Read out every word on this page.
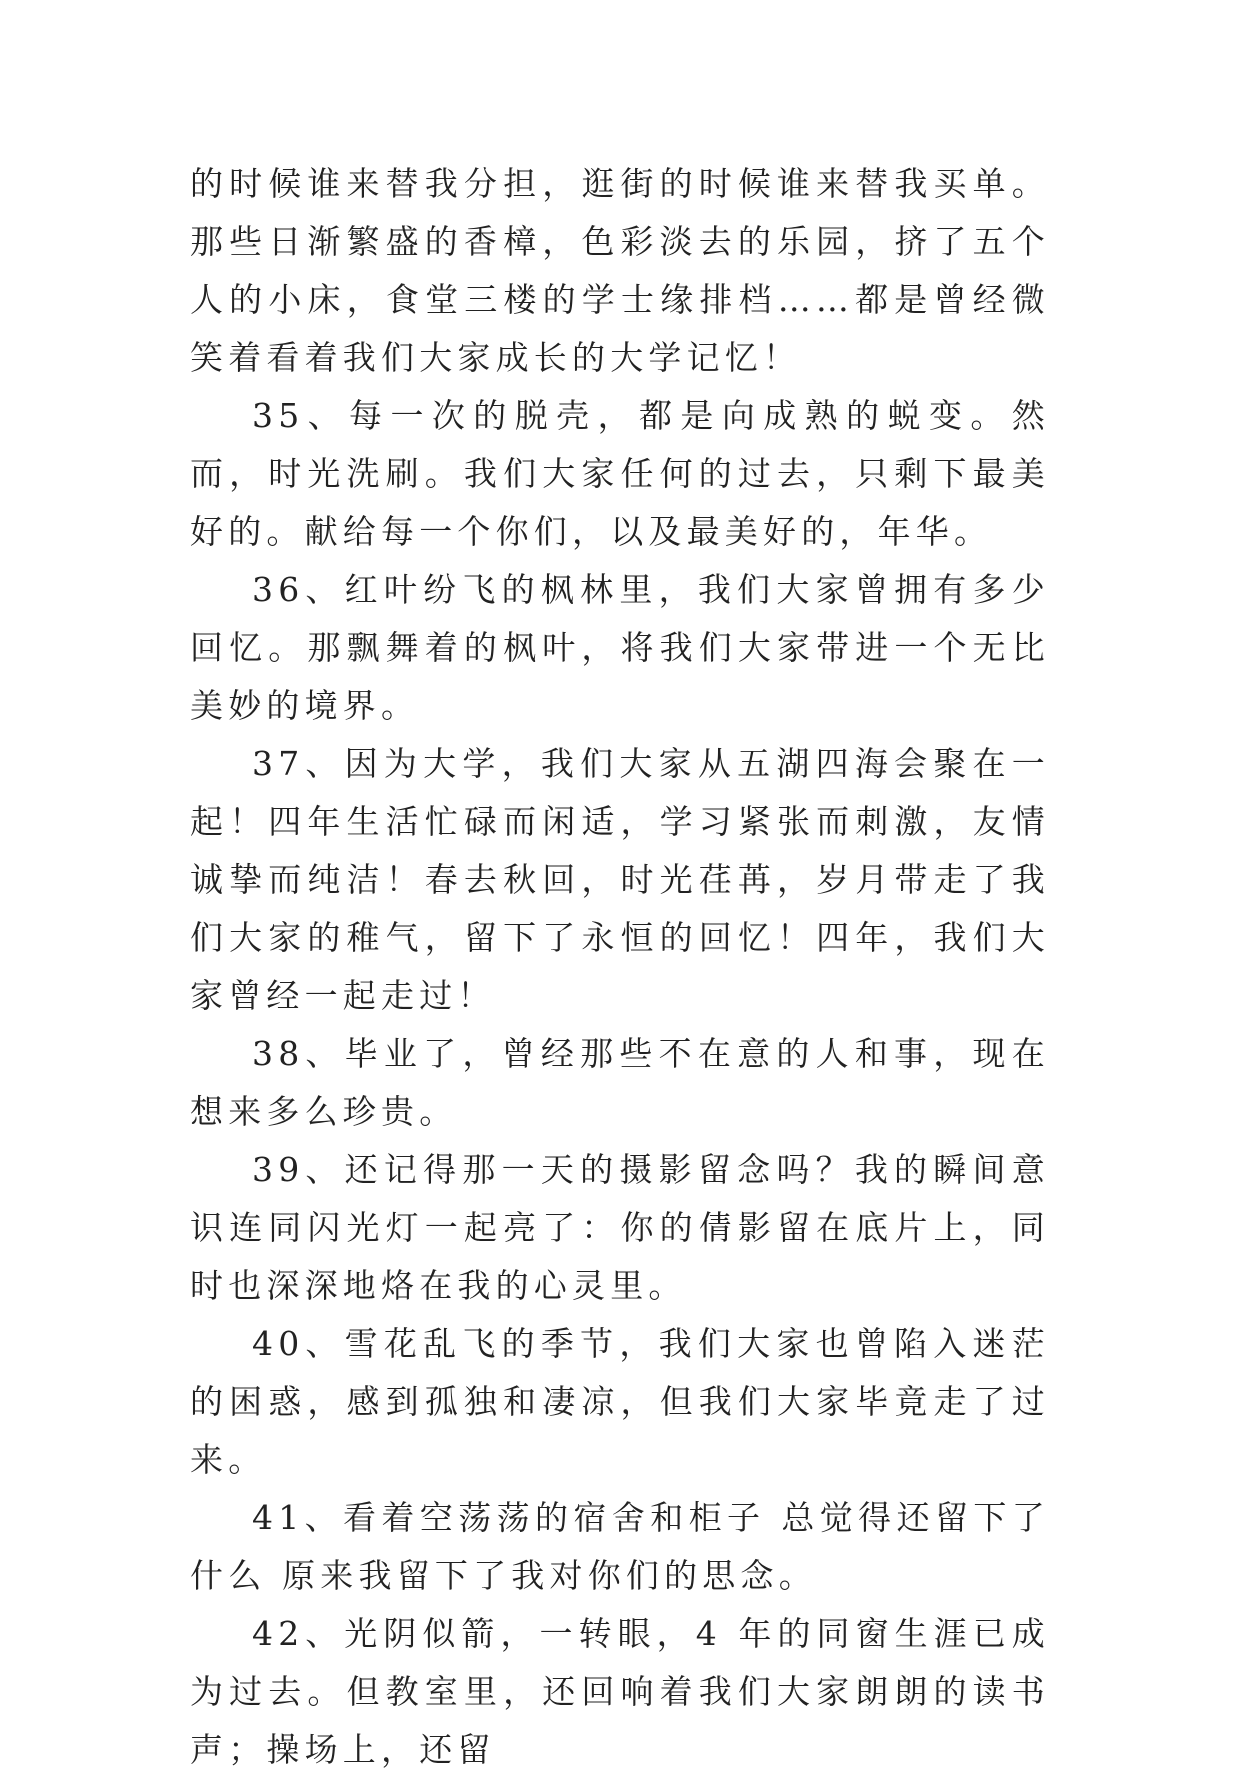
的时候谁来替我分担，逛街的时候谁来替我买单。那些日渐繁盛的香樟，色彩淡去的乐园，挤了五个人的小床，食堂三楼的学士缘排档……都是曾经微笑着看着我们大家成长的大学记忆！

35、每一次的脱壳，都是向成熟的蜕变。然而，时光洗刷。我们大家任何的过去，只剩下最美好的。献给每一个你们，以及最美好的，年华。

36、红叶纷飞的枫林里，我们大家曾拥有多少回忆。那飘舞着的枫叶，将我们大家带进一个无比美妙的境界。

37、因为大学，我们大家从五湖四海会聚在一起！四年生活忙碌而闲适，学习紧张而刺激，友情诚挚而纯洁！春去秋回，时光荏苒，岁月带走了我们大家的稚气，留下了永恒的回忆！四年，我们大家曾经一起走过！

38、毕业了，曾经那些不在意的人和事，现在想来多么珍贵。

39、还记得那一天的摄影留念吗？我的瞬间意识连同闪光灯一起亮了：你的倩影留在底片上，同时也深深地烙在我的心灵里。

40、雪花乱飞的季节，我们大家也曾陷入迷茫的困惑，感到孤独和凄凉，但我们大家毕竟走了过来。

41、看着空荡荡的宿舍和柜子 总觉得还留下了什么 原来我留下了我对你们的思念。

42、光阴似箭，一转眼，4 年的同窗生涯已成为过去。但教室里，还回响着我们大家朗朗的读书声；操场上，还留
